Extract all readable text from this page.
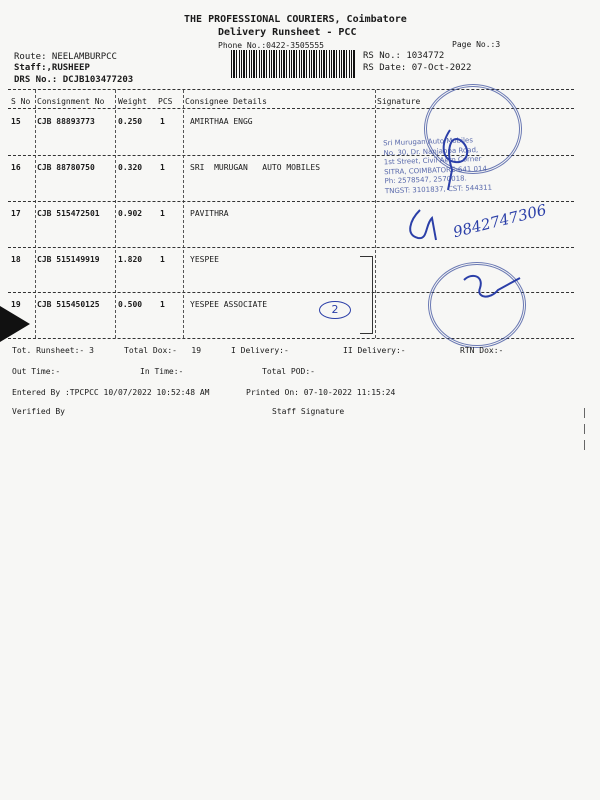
THE PROFESSIONAL COURIERS, Coimbatore
Delivery Runsheet - PCC
Phone No.:0422-3505555	Page No.:3
Route: NEELAMBURPCC
Staff:,RUSHEEP
DRS No.: DCJB103477203
RS No.: 1034772
RS Date: 07-Oct-2022
S No Consignment No Weight PCS Consignee Details	Signature
15 CJB 88893773	0.250 1	AMIRTHAA ENGG
16 CJB 88780750	0.320 1	SRI  MURUGAN   AUTO MOBILES
17 CJB 515472501 0.902 1	PAVITHRA
18 CJB 515149919 1.820 1	YESPEE
19 CJB 515450125 0.500 1	YESPEE ASSOCIATE
Sri Murugan Auto Mobiles
No. 30, Dr. Nanjappa Road,
1st Street, Civil Aero Corner
SITRA, COIMBATORE-641 014
Ph: 2578547, 2570018.
TNGST: 3101837, CST: 544311
9842747306
2
Tot. Runsheet:- 3	Total Dox:-   19	I Delivery:-	II Delivery:-	RTN Dox:-
Out Time:-	In Time:-	Total POD:-
Entered By :TPCPCC 10/07/2022 10:52:48 AM	Printed On: 07-10-2022 11:15:24
Verified By	Staff Signature
